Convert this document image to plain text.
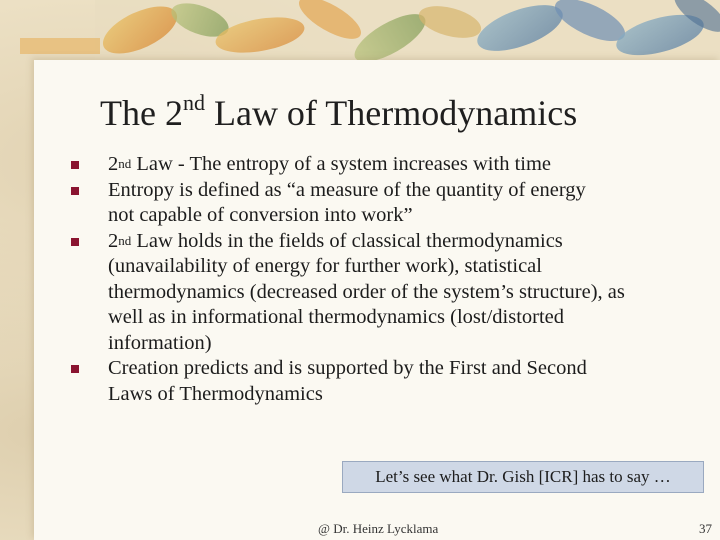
The 2nd Law of Thermodynamics
2nd Law - The entropy of a system increases with time
Entropy is defined as “a measure of the quantity of energy not capable of conversion into work”
2nd Law holds in the fields of classical thermodynamics (unavailability of energy for further work), statistical thermodynamics (decreased order of the system’s structure), as well as in informational thermodynamics (lost/distorted information)
Creation predicts and is supported by the First and Second Laws of Thermodynamics
Let’s see what Dr. Gish [ICR] has to say …
@ Dr. Heinz Lycklama	37
